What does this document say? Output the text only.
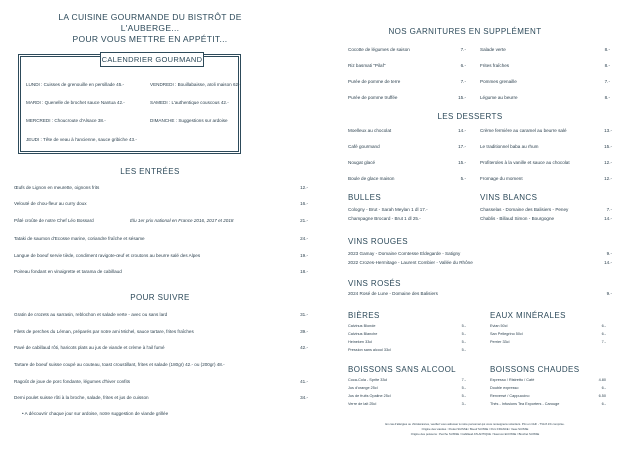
LA CUISINE GOURMANDE DU BISTRÔT DE L'AUBERGE...
POUR VOUS METTRE EN APPÉTIT...
CALENDRIER GOURMAND
LUNDI : Cuisses de grenouille en persillade 45.-
MARDI : Quenelle de brochet sauce Nantua 42.-
MERCREDI : Choucroute d'Alsace 38.-
JEUDI : Tête de veau à l'ancienne, sauce gribiche 43.-
VENDREDI : Bouillabaisse, aïoli maison 62.-
SAMEDI : L'authentique couscous 42.-
DIMANCHE : Suggestions sur ardoise
LES ENTRÉES
Œufs de Lignon en meurette, oignons frits	12.-
Velouté de chou-fleur au curry doux	16.-
Pâté croûte de notre Chef Léo Bossard	Élu 1er prix national en France 2016, 2017 et 2018	21.-
Tataki de saumon d'Ecosse marine, coriandre fraîche et sésame	24.-
Langue de boeuf servie tiède, condiment ravigote-œuf et croutons au beurre salé des Alpes	19.-
Poireau fondant en vinaigrette et tarama de cabillaud	18.-
POUR SUIVRE
Gratin de crozets au sarrasin, reblochon et salade verte - avec ou sans lard	31.-
Filets de perches du Léman, préparés par notre ami Michel, sauce tartare, frites fraîches	39.-
Pavé de cabillaud rôti, haricots plats au jus de viande et crème à l'ail fumé	42.-
Tartare de boeuf suisse coupé au couteau, toast croustillant, frites et salade (180gr) 42.- ou (200gr) 48.-
Ragoût de joue de porc fondante, légumes d'hiver confits	41.-
Demi poulet suisse rôti à la broche, salade, frites et jus de cuisson	34.-
• A découvrir chaque jour sur ardoise, notre suggestion de viande grillée
NOS GARNITURES EN SUPPLÉMENT
Cocotte de légumes de saison	7.-
Riz basmati "Pilaf"	6.-
Purée de pomme de terre	7.-
Purée de pomme truffée	15.-
Salade verte	8.-
Frites fraîches	8.-
Pommes grenaille	7.-
Légume au beurre	8.-
LES DESSERTS
Moelleux au chocolat	14.-
Café gourmand	17.-
Nougat glacé	15.-
Boule de glace maison	5.-
Crème fermière au caramel au beurre salé	13.-
Le traditionnel baba au rhum	15.-
Profiteroles à la vanille et sauce au chocolat	12.-
Fromage du moment	12.-
BULLES
Cologny - Brut - Sarah Meylan 1 dl 17.-
Champagne Brocard - Brut 1 dl 25.-
VINS BLANCS
Chasselas - Domaine des Balisiers - Peney	7.-
Chablis - Billaud Simon - Bourgogne	14.-
VINS ROUGES
2023 Gamay - Domaine Comtesse Eldegarde - Satigny	9.-
2022 Crozes-Hermitage - Laurent Combier - Vallée du Rhône	14.-
VINS ROSÉS
2024 Rosé de Lune - Domaine des Balisiers	9.-
BIÈRES
Calvinus Blonde	5.-
Calvinus Blanche	5.-
Heineken 33cl	5.-
Pression sans alcool 33cl	5.-
EAUX MINÉRALES
Evian 50cl	6.-
San Pellegrino 50cl	6.-
Perrier 33cl	7.-
BOISSONS SANS ALCOOL
Coca-Cola - Sprite 33cl	7.-
Jus d'orange 25cl	5.-
Jus de fruits Opaline 25cl	5.-
Verre de lait 25cl	3.-
BOISSONS CHAUDES
Expresso / Ristretto / Café	4.80
Double expresso	6.-
Renversé / Cappuccino	6.50
Thés - Infusions Tea Exporters - Carouge	6.-
En cas d'allergies ou d'intolérances, veuillez vous adresser à notre personnel qui vous renseignera volontiers. Prix en CHF - TVA 8.1% comprise.
Origine des viandes : Poulet SUISSE / Boeuf SUISSE / Porc FRANCE / Veau SUISSE
Origine des poissons : Perche SUISSE / Cabillaud ATLANTIQUE / Saumon ECOSSE / Brochet SUISSE
